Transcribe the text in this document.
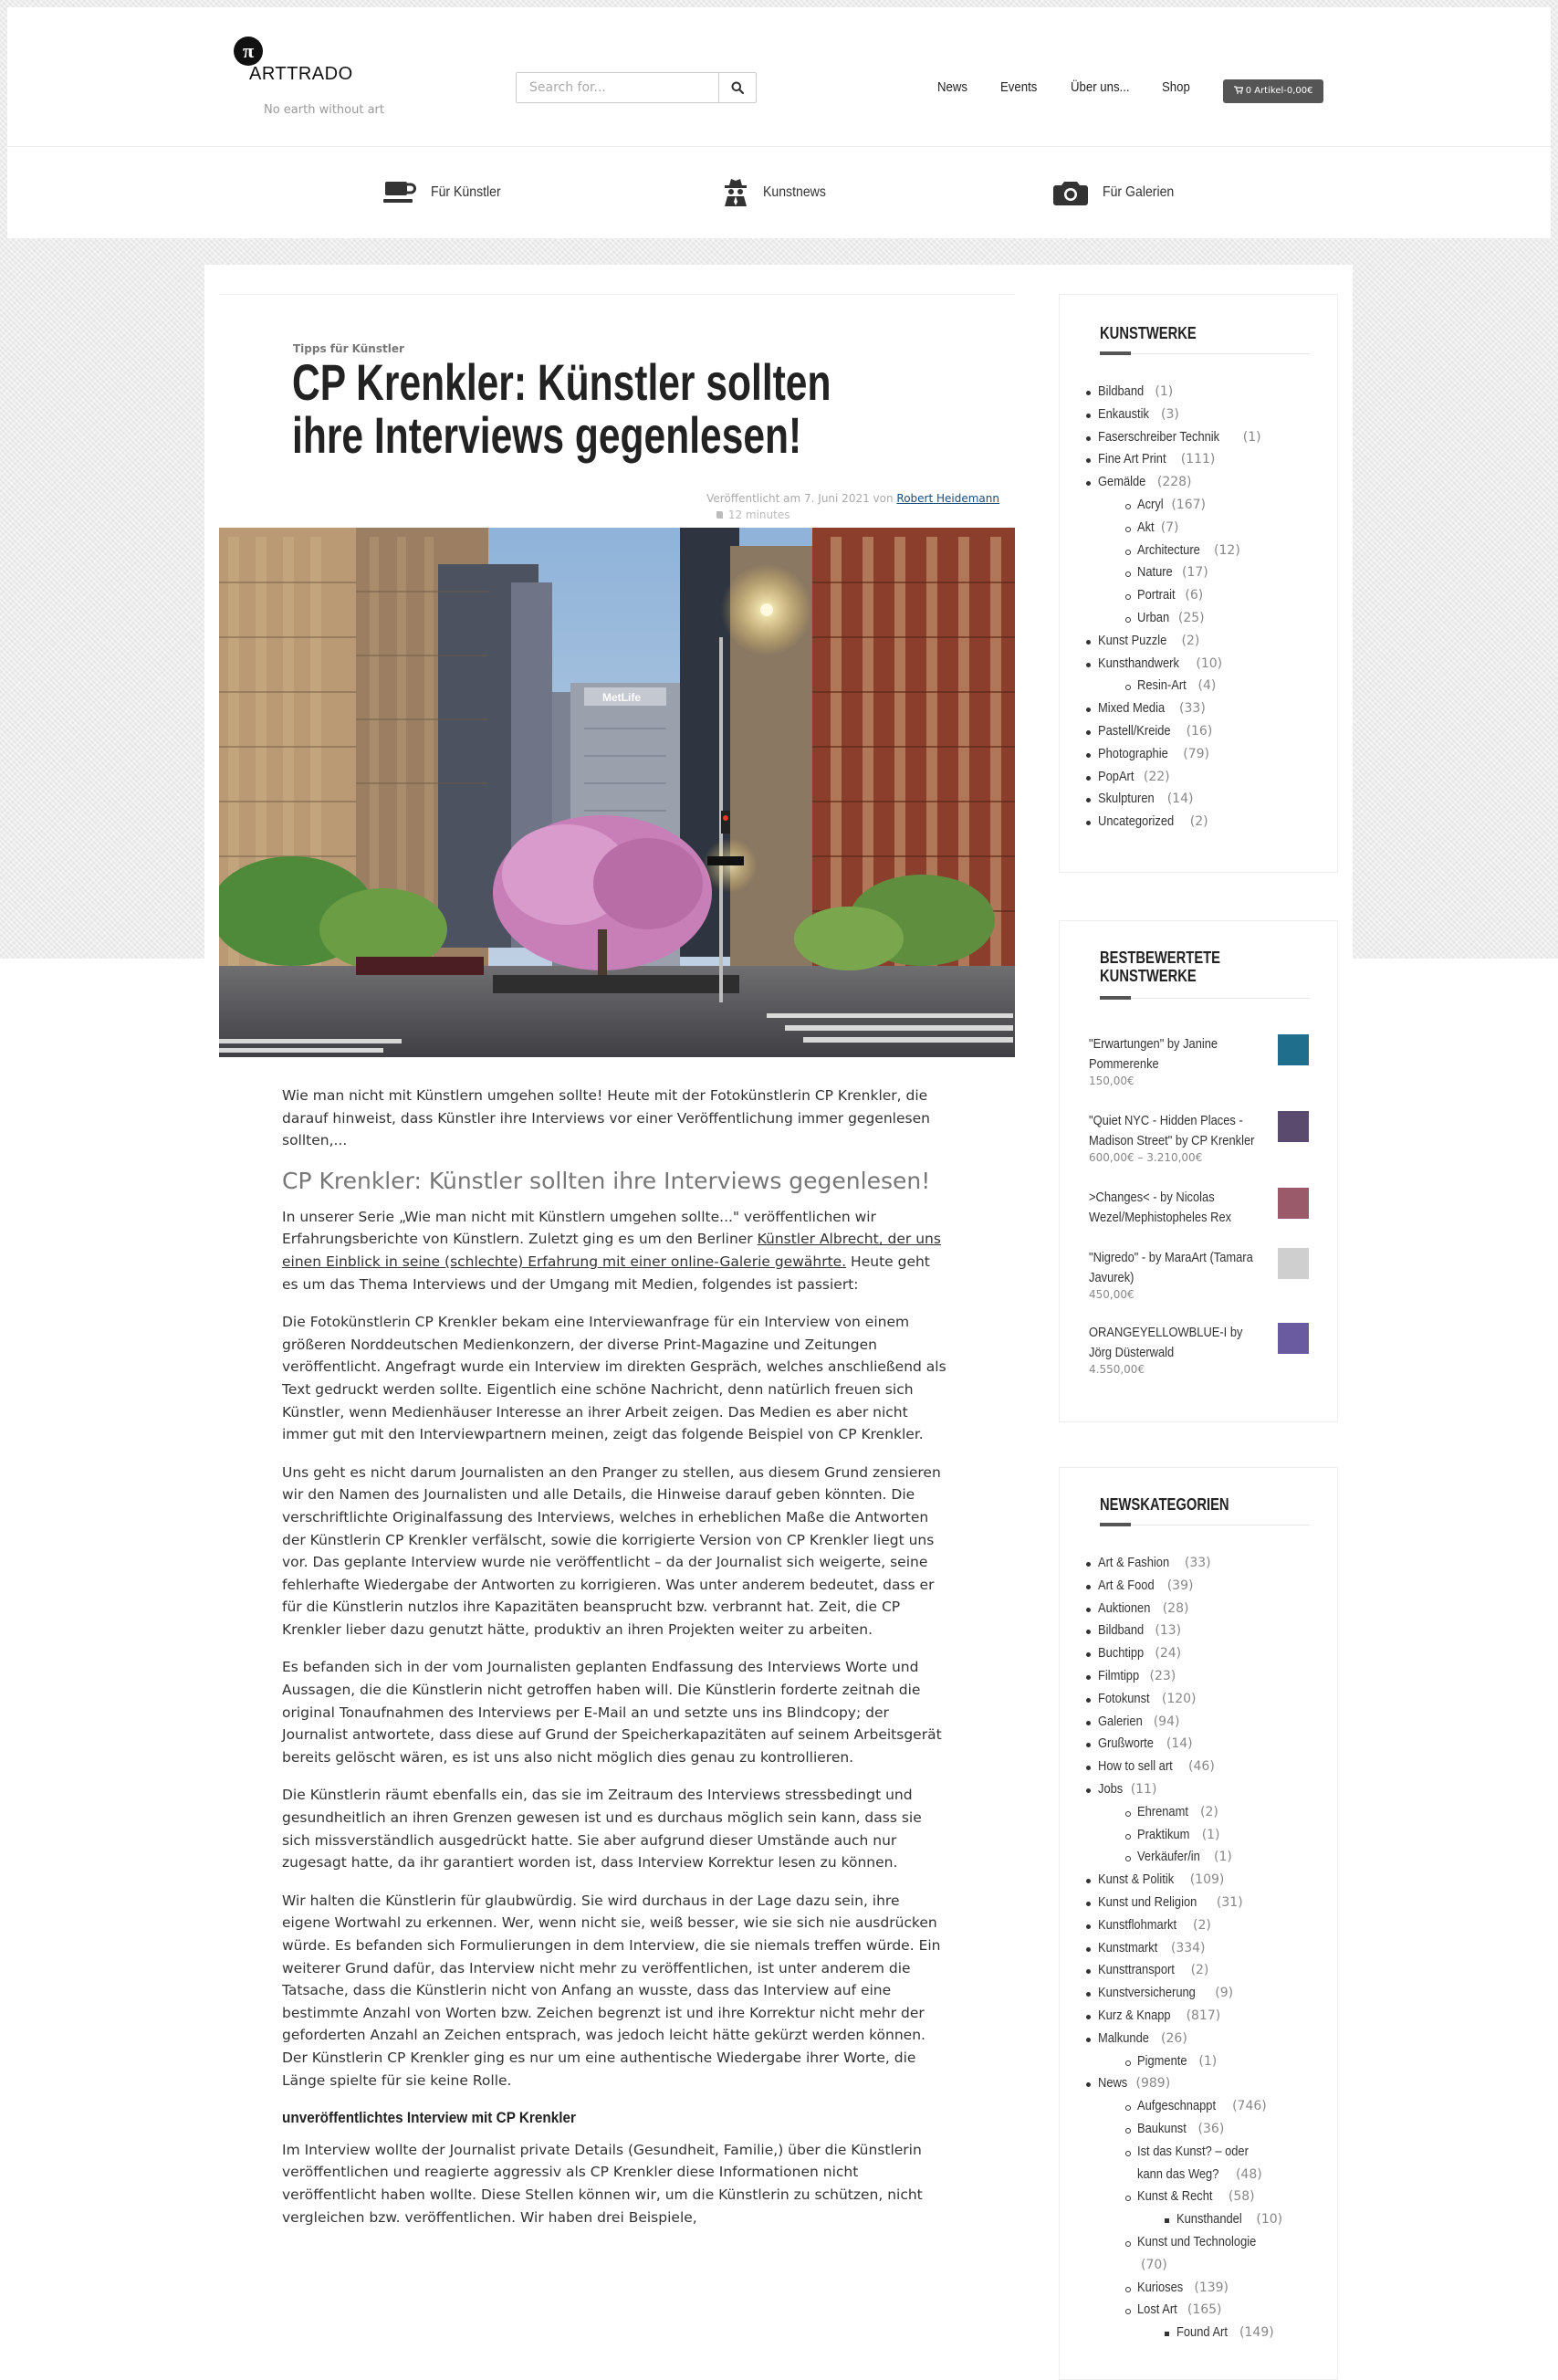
π
ARTTRADO
No earth without art
Search for...
News Events Über uns... Shop	0 Artikel-0,00€
Für Künstler	Kunstnews	Für Galerien
Tipps für Künstler
CP Krenkler: Künstler sollten
ihre Interviews gegenlesen!
Veröffentlicht am 7. Juni 2021 von Robert Heidemann
12 minutes
MetLife

Wie man nicht mit Künstlern umgehen sollte! Heute mit der Fotokünstlerin CP Krenkler, die darauf hinweist, dass Künstler ihre Interviews vor einer Veröffentlichung immer gegenlesen sollten,...

CP Krenkler: Künstler sollten ihre Interviews gegenlesen!

In unserer Serie „Wie man nicht mit Künstlern umgehen sollte..." veröffentlichen wir Erfahrungsberichte von Künstlern. Zuletzt ging es um den Berliner Künstler Albrecht, der uns einen Einblick in seine (schlechte) Erfahrung mit einer online-Galerie gewährte. Heute geht es um das Thema Interviews und der Umgang mit Medien, folgendes ist passiert:

Die Fotokünstlerin CP Krenkler bekam eine Interviewanfrage für ein Interview von einem größeren Norddeutschen Medienkonzern, der diverse Print-Magazine und Zeitungen veröffentlicht. Angefragt wurde ein Interview im direkten Gespräch, welches anschließend als Text gedruckt werden sollte. Eigentlich eine schöne Nachricht, denn natürlich freuen sich Künstler, wenn Medienhäuser Interesse an ihrer Arbeit zeigen. Das Medien es aber nicht immer gut mit den Interviewpartnern meinen, zeigt das folgende Beispiel von CP Krenkler.

Uns geht es nicht darum Journalisten an den Pranger zu stellen, aus diesem Grund zensieren wir den Namen des Journalisten und alle Details, die Hinweise darauf geben könnten. Die verschriftlichte Originalfassung des Interviews, welches in erheblichen Maße die Antworten der Künstlerin CP Krenkler verfälscht, sowie die korrigierte Version von CP Krenkler liegt uns vor. Das geplante Interview wurde nie veröffentlicht – da der Journalist sich weigerte, seine fehlerhafte Wiedergabe der Antworten zu korrigieren. Was unter anderem bedeutet, dass er für die Künstlerin nutzlos ihre Kapazitäten beansprucht bzw. verbrannt hat. Zeit, die CP Krenkler lieber dazu genutzt hätte, produktiv an ihren Projekten weiter zu arbeiten.

Es befanden sich in der vom Journalisten geplanten Endfassung des Interviews Worte und Aussagen, die die Künstlerin nicht getroffen haben will. Die Künstlerin forderte zeitnah die original Tonaufnahmen des Interviews per E-Mail an und setzte uns ins Blindcopy; der Journalist antwortete, dass diese auf Grund der Speicherkapazitäten auf seinem Arbeitsgerät bereits gelöscht wären, es ist uns also nicht möglich dies genau zu kontrollieren.

Die Künstlerin räumt ebenfalls ein, das sie im Zeitraum des Interviews stressbedingt und gesundheitlich an ihren Grenzen gewesen ist und es durchaus möglich sein kann, dass sie sich missverständlich ausgedrückt hatte. Sie aber aufgrund dieser Umstände auch nur zugesagt hatte, da ihr garantiert worden ist, dass Interview Korrektur lesen zu können.

Wir halten die Künstlerin für glaubwürdig. Sie wird durchaus in der Lage dazu sein, ihre eigene Wortwahl zu erkennen. Wer, wenn nicht sie, weiß besser, wie sie sich nie ausdrücken würde. Es befanden sich Formulierungen in dem Interview, die sie niemals treffen würde. Ein weiterer Grund dafür, das Interview nicht mehr zu veröffentlichen, ist unter anderem die Tatsache, dass die Künstlerin nicht von Anfang an wusste, dass das Interview auf eine bestimmte Anzahl von Worten bzw. Zeichen begrenzt ist und ihre Korrektur nicht mehr der geforderten Anzahl an Zeichen entsprach, was jedoch leicht hätte gekürzt werden können. Der Künstlerin CP Krenkler ging es nur um eine authentische Wiedergabe ihrer Worte, die Länge spielte für sie keine Rolle.

unveröffentlichtes Interview mit CP Krenkler

Im Interview wollte der Journalist private Details (Gesundheit, Familie,) über die Künstlerin veröffentlichen und reagierte aggressiv als CP Krenkler diese Informationen nicht veröffentlicht haben wollte. Diese Stellen können wir, um die Künstlerin zu schützen, nicht vergleichen bzw. veröffentlichen. Wir haben drei Beispiele,

KUNSTWERKE
Bildband (1)
Enkaustik (3)
Faserschreiber Technik (1)
Fine Art Print (111)
Gemälde (228)
Acryl (167)
Akt (7)
Architecture (12)
Nature (17)
Portrait (6)
Urban (25)
Kunst Puzzle (2)
Kunsthandwerk (10)
Resin-Art (4)
Mixed Media (33)
Pastell/Kreide (16)
Photographie (79)
PopArt (22)
Skulpturen (14)
Uncategorized (2)
BESTBEWERTETE
KUNSTWERKE
"Erwartungen" by Janine Pommerenke
150,00€
"Quiet NYC - Hidden Places - Madison Street" by CP Krenkler
600,00€ – 3.210,00€
>Changes< - by Nicolas Wezel/Mephistopheles Rex
"Nigredo" - by MaraArt (Tamara Javurek)
450,00€
ORANGEYELLOWBLUE-I by Jörg Düsterwald
4.550,00€
NEWSKATEGORIEN
Art & Fashion (33)
Art & Food (39)
Auktionen (28)
Bildband (13)
Buchtipp (24)
Filmtipp (23)
Fotokunst (120)
Galerien (94)
Grußworte (14)
How to sell art (46)
Jobs (11)
Ehrenamt (2)
Praktikum (1)
Verkäufer/in (1)
Kunst & Politik (109)
Kunst und Religion (31)
Kunstflohmarkt (2)
Kunstmarkt (334)
Kunsttransport (2)
Kunstversicherung (9)
Kurz & Knapp (817)
Malkunde (26)
Pigmente (1)
News (989)
Aufgeschnappt (746)
Baukunst (36)
Ist das Kunst? – oder
kann das Weg? (48)
Kunst & Recht (58)
Kunsthandel (10)
Kunst und Technologie
(70)
Kurioses (139)
Lost Art (165)
Found Art (149)
